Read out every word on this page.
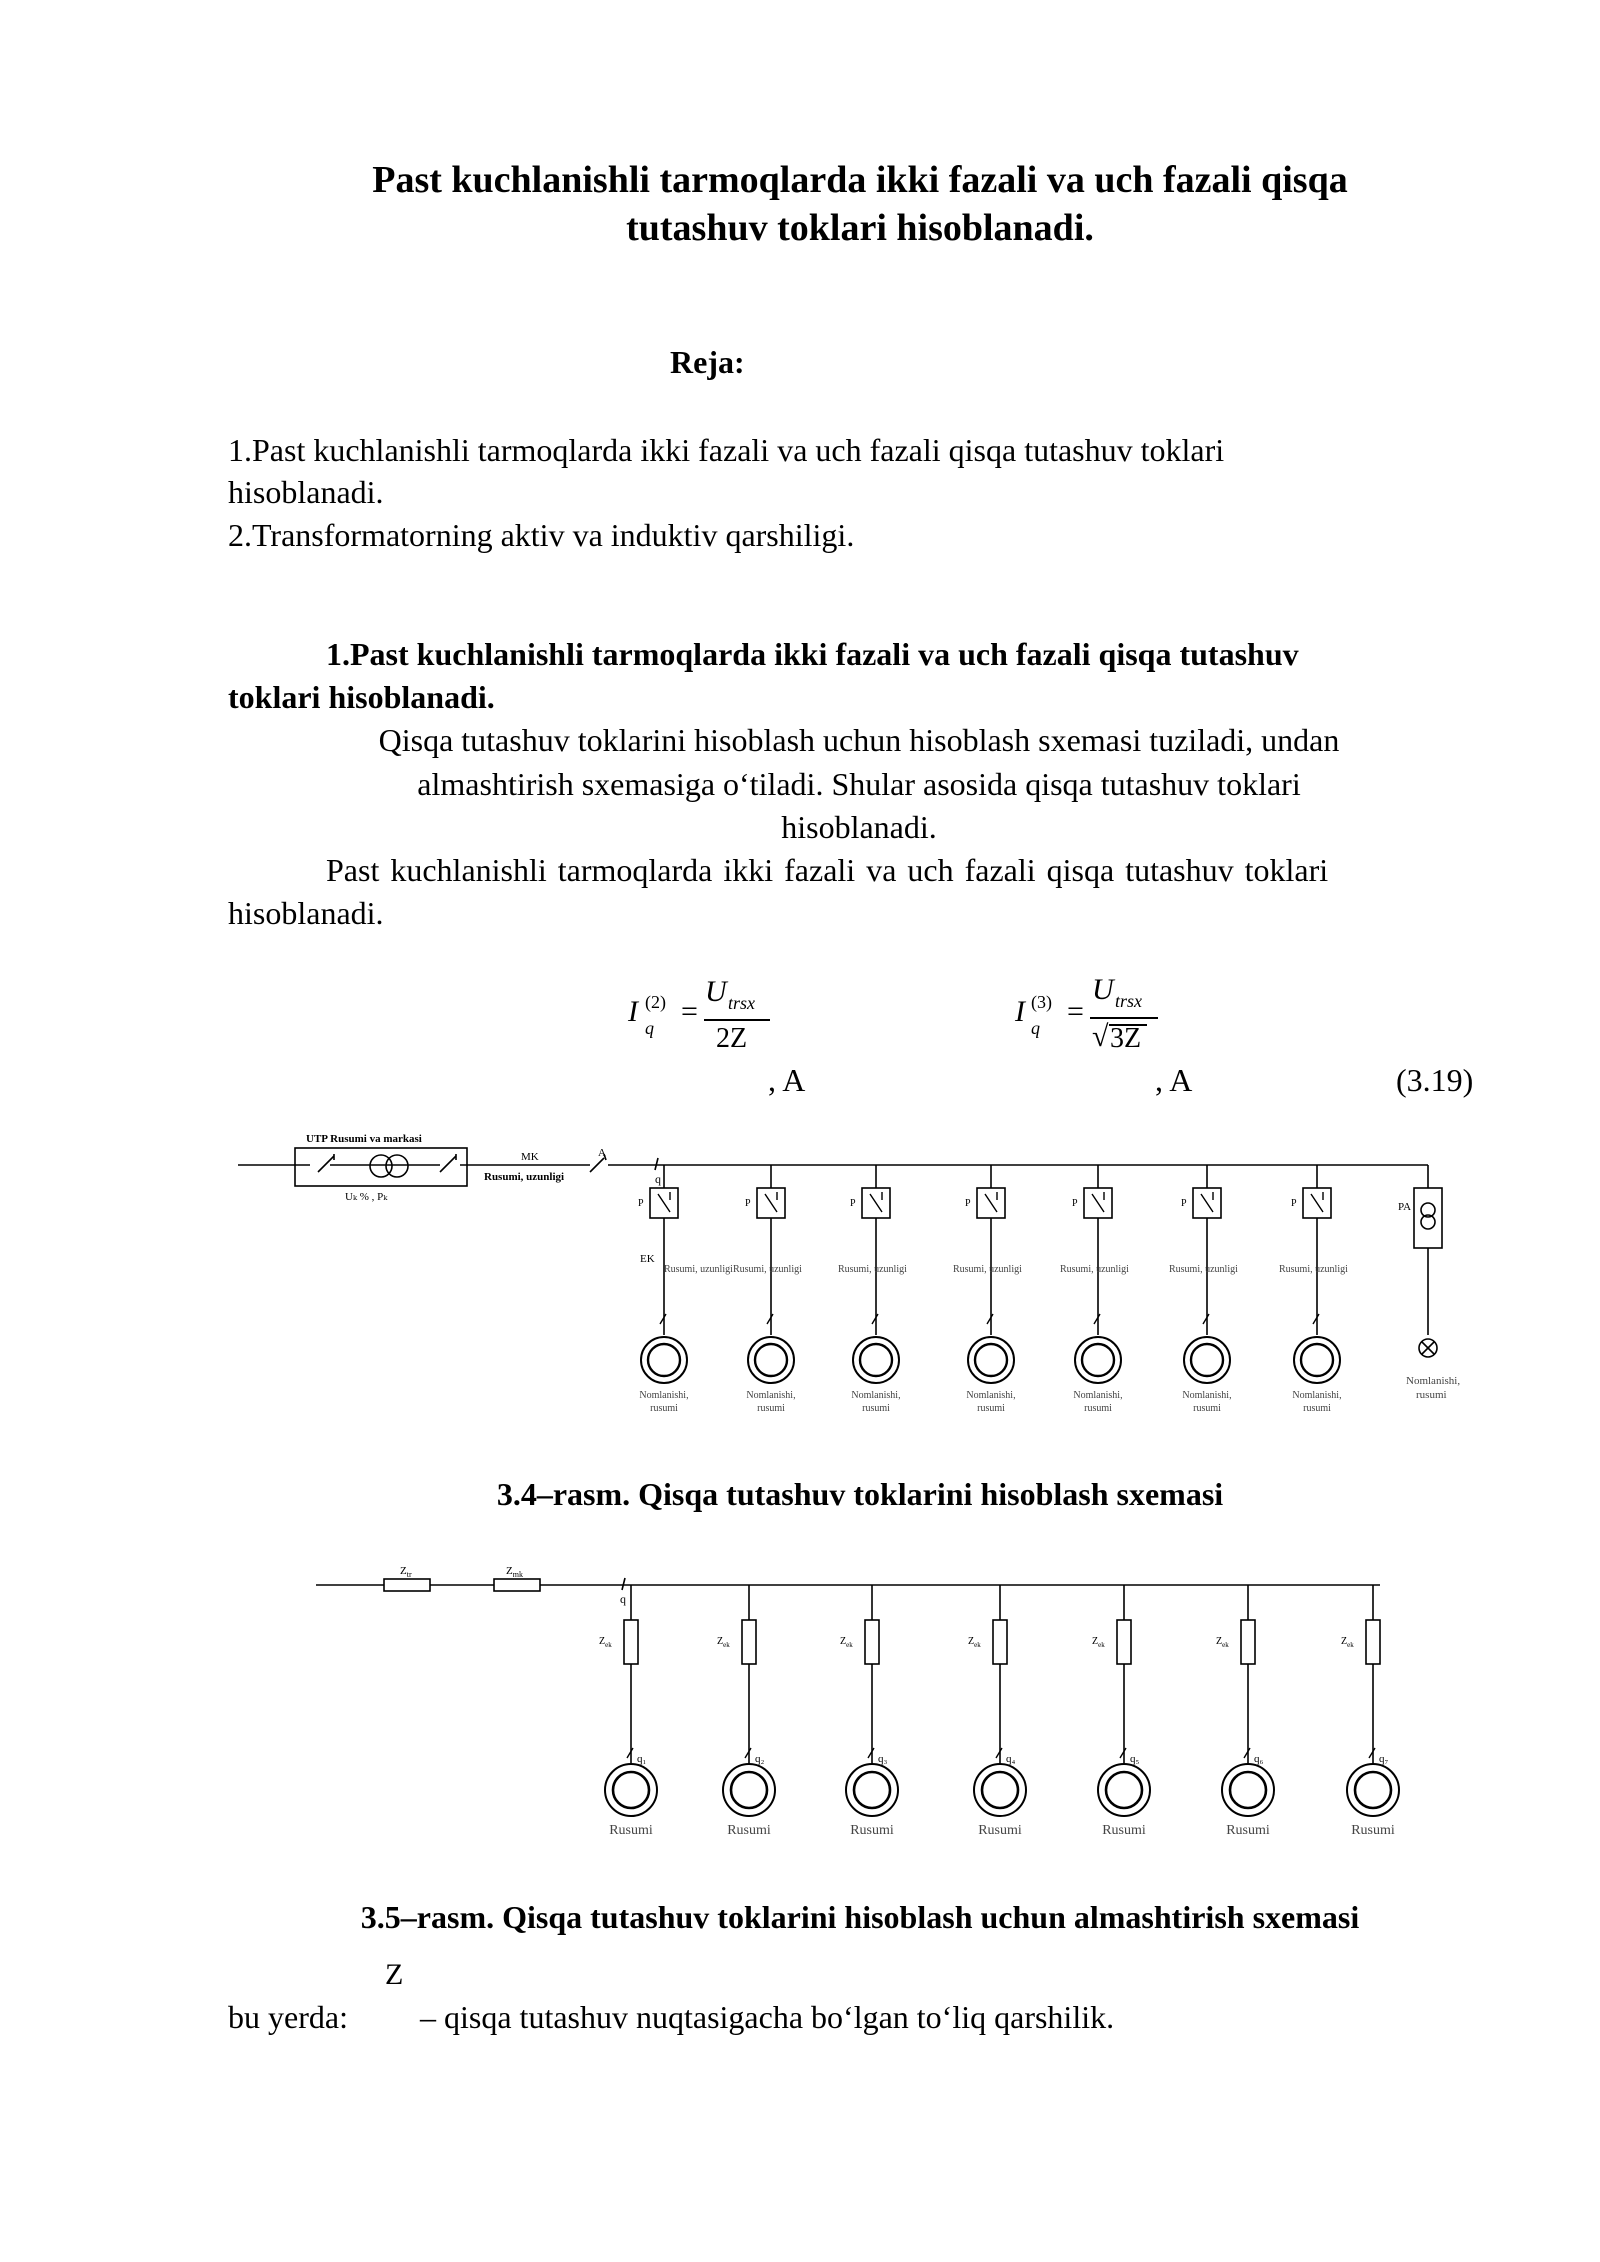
Past kuchlanishli tarmoqlarda ikki fazali va uch fazali qisqa

tutashuv toklari hisoblanadi.

Reja:

1.Past kuchlanishli tarmoqlarda ikki fazali va uch fazali qisqa tutashuv toklari

hisoblanadi.

2.Transformatorning aktiv va induktiv qarshiligi.

1.Past kuchlanishli tarmoqlarda ikki fazali va uch fazali qisqa tutashuv

toklari hisoblanadi.

Qisqa tutashuv toklarini hisoblash uchun hisoblash sxemasi tuziladi, undan

almashtirish sxemasiga o‘tiladi. Shular asosida qisqa tutashuv toklari

hisoblanadi.

Past kuchlanishli tarmoqlarda ikki fazali va uch fazali qisqa tutashuv toklari

hisoblanadi.

I (2)
q =
U trsx
2Z
, A
I (3)
q =
U trsx
√ 3Z
, A	(3.19)
P
Rusumi, uzunligi
Nomlanishi,
rusumi
P
Rusumi, uzunligi
Nomlanishi,
rusumi
P
Rusumi, uzunligi
Nomlanishi,
rusumi
P
Rusumi, uzunligi
Nomlanishi,
rusumi
P
Rusumi, uzunligi
Nomlanishi,
rusumi
P
Rusumi, uzunligi
Nomlanishi,
rusumi
P
Rusumi, uzunligi
Nomlanishi,
rusumi
UTP Rusumi va markasi
Uₖ % , Pₖ
MK
Rusumi, uzunligi
A
q
EK
PA
Nomlanishi,
rusumi
$Z_{tr}$	$Z_{mk}$
q
$Z_{ek}$
q₁
Rusumi
$Z_{ek}$
q₂
Rusumi
$Z_{ek}$
q₃
Rusumi
$Z_{ek}$
q₄
Rusumi
$Z_{ek}$
q₅
Rusumi
$Z_{ek}$
q₆
Rusumi
$Z_{ek}$
q₇
Rusumi

3.4–rasm. Qisqa tutashuv toklarini hisoblash sxemasi

3.5–rasm. Qisqa tutashuv toklarini hisoblash uchun almashtirish sxemasi

Z
bu yerda: – qisqa tutashuv nuqtasigacha bo‘lgan to‘liq qarshilik.
